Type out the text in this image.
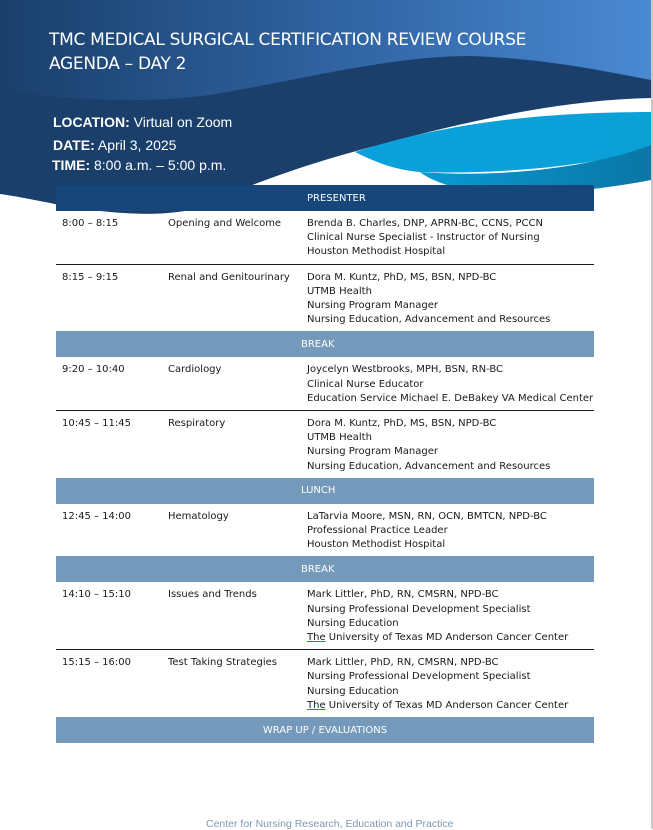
TMC MEDICAL SURGICAL CERTIFICATION REVIEW COURSE
AGENDA – DAY 2
LOCATION: Virtual on Zoom
DATE: April 3, 2025
TIME: 8:00 a.m. – 5:00 p.m.
		PRESENTER
8:00 – 8:15	Opening and Welcome	Brenda B. Charles, DNP, APRN-BC, CCNS, PCCN
Clinical Nurse Specialist - Instructor of Nursing
Houston Methodist Hospital

8:15 – 9:15	Renal and Genitourinary	Dora M. Kuntz, PhD, MS, BSN, NPD-BC
UTMB Health
Nursing Program Manager
Nursing Education, Advancement and Resources

BREAK		
9:20 – 10:40	Cardiology	Joycelyn Westbrooks, MPH, BSN, RN-BC
Clinical Nurse Educator
Education Service Michael E. DeBakey VA Medical Center

10:45 – 11:45	Respiratory	Dora M. Kuntz, PhD, MS, BSN, NPD-BC
UTMB Health
Nursing Program Manager
Nursing Education, Advancement and Resources

LUNCH		
12:45 – 14:00	Hematology	LaTarvia Moore, MSN, RN, OCN, BMTCN, NPD-BC
Professional Practice Leader
Houston Methodist Hospital

BREAK		
14:10 – 15:10	Issues and Trends	Mark Littler, PhD, RN, CMSRN, NPD-BC
Nursing Professional Development Specialist
Nursing Education
The University of Texas MD Anderson Cancer Center

15:15 – 16:00	Test Taking Strategies	Mark Littler, PhD, RN, CMSRN, NPD-BC
Nursing Professional Development Specialist
Nursing Education
The University of Texas MD Anderson Cancer Center

WRAP UP / EVALUATIONS		
Center for Nursing Research, Education and Practice
